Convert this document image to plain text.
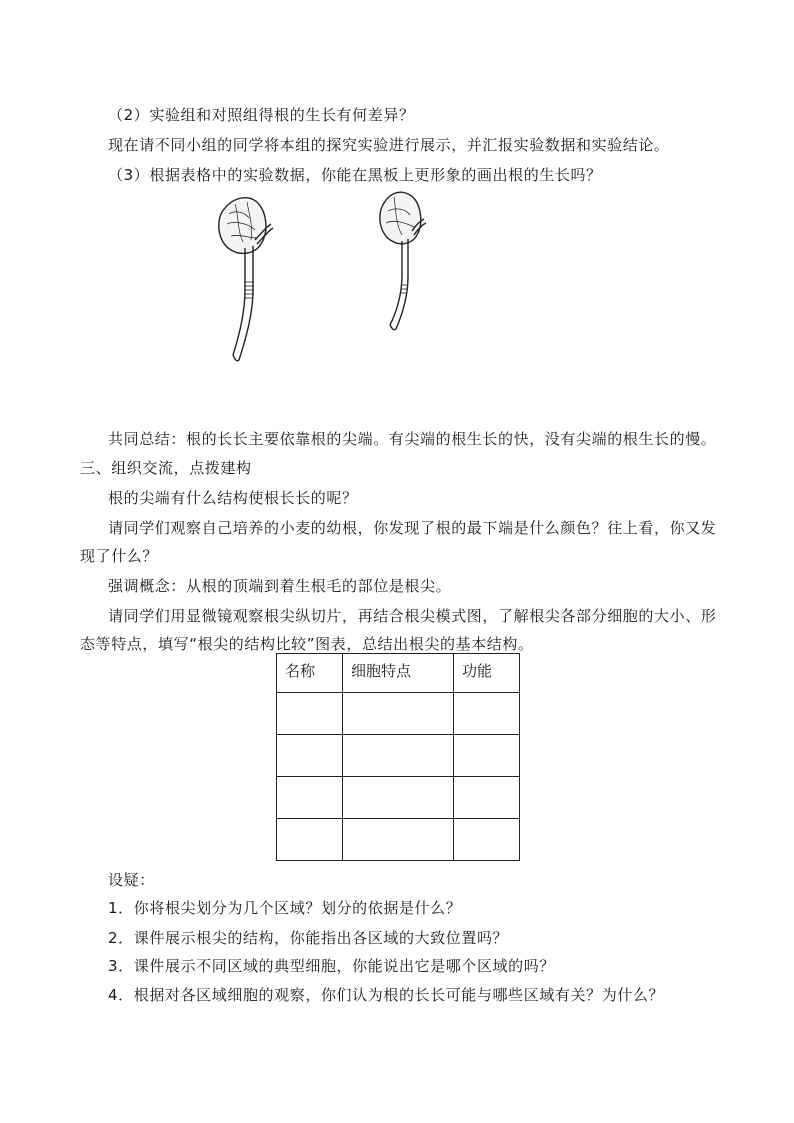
（2）实验组和对照组得根的生长有何差异？
现在请不同小组的同学将本组的探究实验进行展示，并汇报实验数据和实验结论。
（3）根据表格中的实验数据，你能在黑板上更形象的画出根的生长吗？
共同总结：根的长长主要依靠根的尖端。有尖端的根生长的快，没有尖端的根生长的慢。
三、组织交流，点拨建构
根的尖端有什么结构使根长长的呢？
请同学们观察自己培养的小麦的幼根，你发现了根的最下端是什么颜色？往上看，你又发
现了什么？
强调概念：从根的顶端到着生根毛的部位是根尖。
请同学们用显微镜观察根尖纵切片，再结合根尖模式图，了解根尖各部分细胞的大小、形
态等特点，填写“根尖的结构比较”图表，总结出根尖的基本结构。
名称	细胞特点	功能

设疑：
1．你将根尖划分为几个区域？划分的依据是什么？
2．课件展示根尖的结构，你能指出各区域的大致位置吗？
3．课件展示不同区域的典型细胞，你能说出它是哪个区域的吗？
4．根据对各区域细胞的观察，你们认为根的长长可能与哪些区域有关？为什么？
